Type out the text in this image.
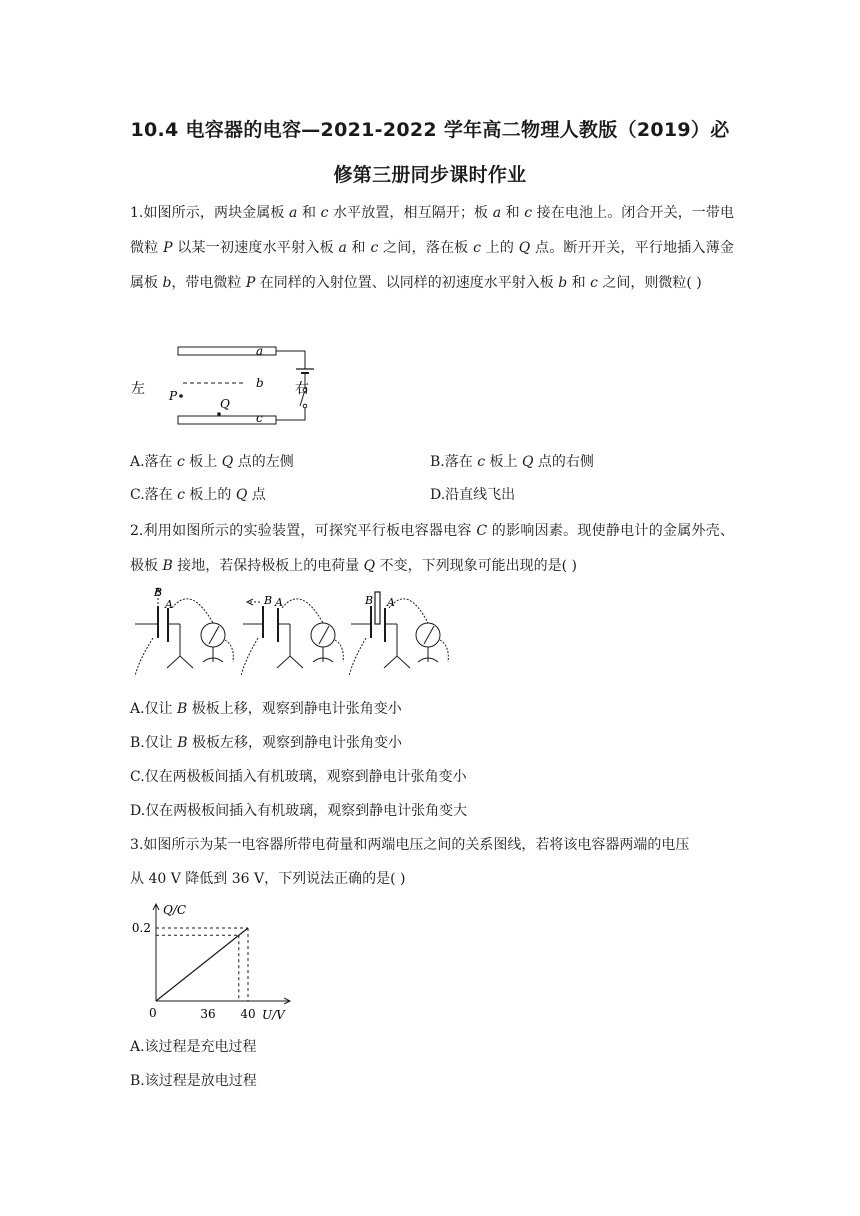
10.4 电容器的电容—2021-2022 学年高二物理人教版（2019）必
修第三册同步课时作业
1.如图所示，两块金属板 a 和 c 水平放置，相互隔开；板 a 和 c 接在电池上。闭合开关，一带电微粒 P 以某一初速度水平射入板 a 和 c 之间，落在板 c 上的 Q 点。断开开关，平行地插入薄金属板 b，带电微粒 P 在同样的入射位置、以同样的初速度水平射入板 b 和 c 之间，则微粒( )
左	右
a
b
c
P
Q
A.落在 c 板上 Q 点的左侧	B.落在 c 板上 Q 点的右侧
C.落在 c 板上的 Q 点	D.沿直线飞出
2.利用如图所示的实验装置，可探究平行板电容器电容 C 的影响因素。现使静电计的金属外壳、极板 B 接地，若保持极板上的电荷量 Q 不变，下列现象可能出现的是( )
B
A	B A	B A
A.仅让 B 极板上移，观察到静电计张角变小
B.仅让 B 极板左移，观察到静电计张角变小
C.仅在两极板间插入有机玻璃，观察到静电计张角变小
D.仅在两极板间插入有机玻璃，观察到静电计张角变大
3.如图所示为某一电容器所带电荷量和两端电压之间的关系图线，若将该电容器两端的电压
从 40 V 降低到 36 V，下列说法正确的是( )
Q/C
U/V
0	36 40
0.2
A.该过程是充电过程
B.该过程是放电过程
